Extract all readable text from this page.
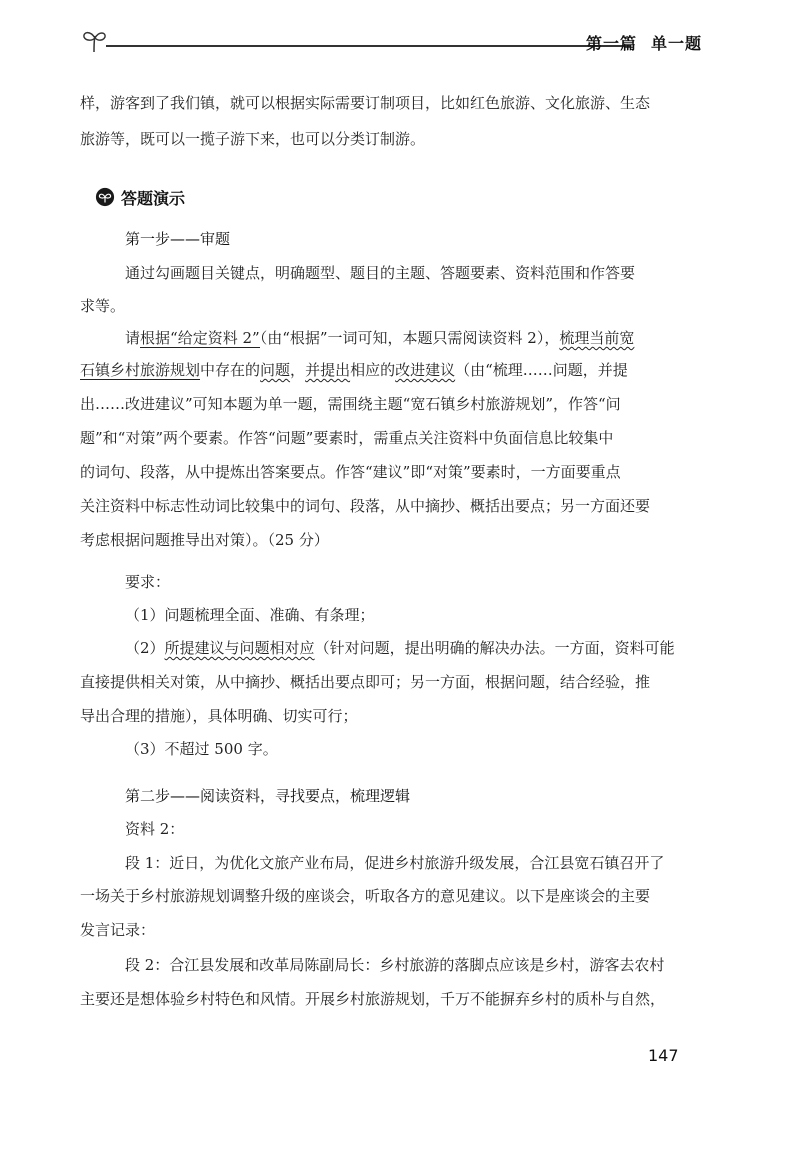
第一篇 单一题
样，游客到了我们镇，就可以根据实际需要订制项目，比如红色旅游、文化旅游、生态
旅游等，既可以一揽子游下来，也可以分类订制游。
答题演示
第一步——审题
通过勾画题目关键点，明确题型、题目的主题、答题要素、资料范围和作答要
求等。
请根据“给定资料 2”（由“根据”一词可知，本题只需阅读资料 2），梳理当前宽
石镇乡村旅游规划中存在的问题，并提出相应的改进建议（由“梳理……问题，并提
出……改进建议”可知本题为单一题，需围绕主题“宽石镇乡村旅游规划”，作答“问
题”和“对策”两个要素。作答“问题”要素时，需重点关注资料中负面信息比较集中
的词句、段落，从中提炼出答案要点。作答“建议”即“对策”要素时，一方面要重点
关注资料中标志性动词比较集中的词句、段落，从中摘抄、概括出要点；另一方面还要
考虑根据问题推导出对策）。（25 分）
要求：
（1）问题梳理全面、准确、有条理；
（2）所提建议与问题相对应（针对问题，提出明确的解决办法。一方面，资料可能
直接提供相关对策，从中摘抄、概括出要点即可；另一方面，根据问题，结合经验，推
导出合理的措施），具体明确、切实可行；
（3）不超过 500 字。
第二步——阅读资料，寻找要点，梳理逻辑
资料 2：
段 1：近日，为优化文旅产业布局，促进乡村旅游升级发展，合江县宽石镇召开了
一场关于乡村旅游规划调整升级的座谈会，听取各方的意见建议。以下是座谈会的主要
发言记录：
段 2：合江县发展和改革局陈副局长：乡村旅游的落脚点应该是乡村，游客去农村
主要还是想体验乡村特色和风情。开展乡村旅游规划，千万不能摒弃乡村的质朴与自然，
147
